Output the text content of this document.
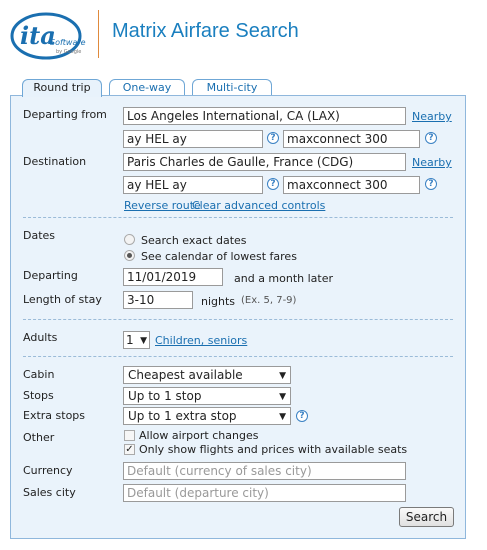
ita
Software
by Google
Matrix Airfare Search
Round trip	One-way	Multi-city
Departing from	Los Angeles International, CA (LAX)	Nearby
ay HEL ay	? maxconnect 300	?
Destination	Paris Charles de Gaulle, France (CDG)	Nearby
ay HEL ay	? maxconnect 300	?
Reverse route
Clear advanced controls
Dates	Search exact dates
See calendar of lowest fares
Departing	11/01/2019	and a month later
Length of stay	3-10	nights (Ex. 5, 7-9)
Adults	1 ▼ Children, seniors
Cabin	Cheapest available	▼
Stops	Up to 1 stop	▼
Extra stops	Up to 1 extra stop	▼	?
Other	Allow airport changes
✓ Only show flights and prices with available seats
Currency	Default (currency of sales city)
Sales city	Default (departure city)
Search
